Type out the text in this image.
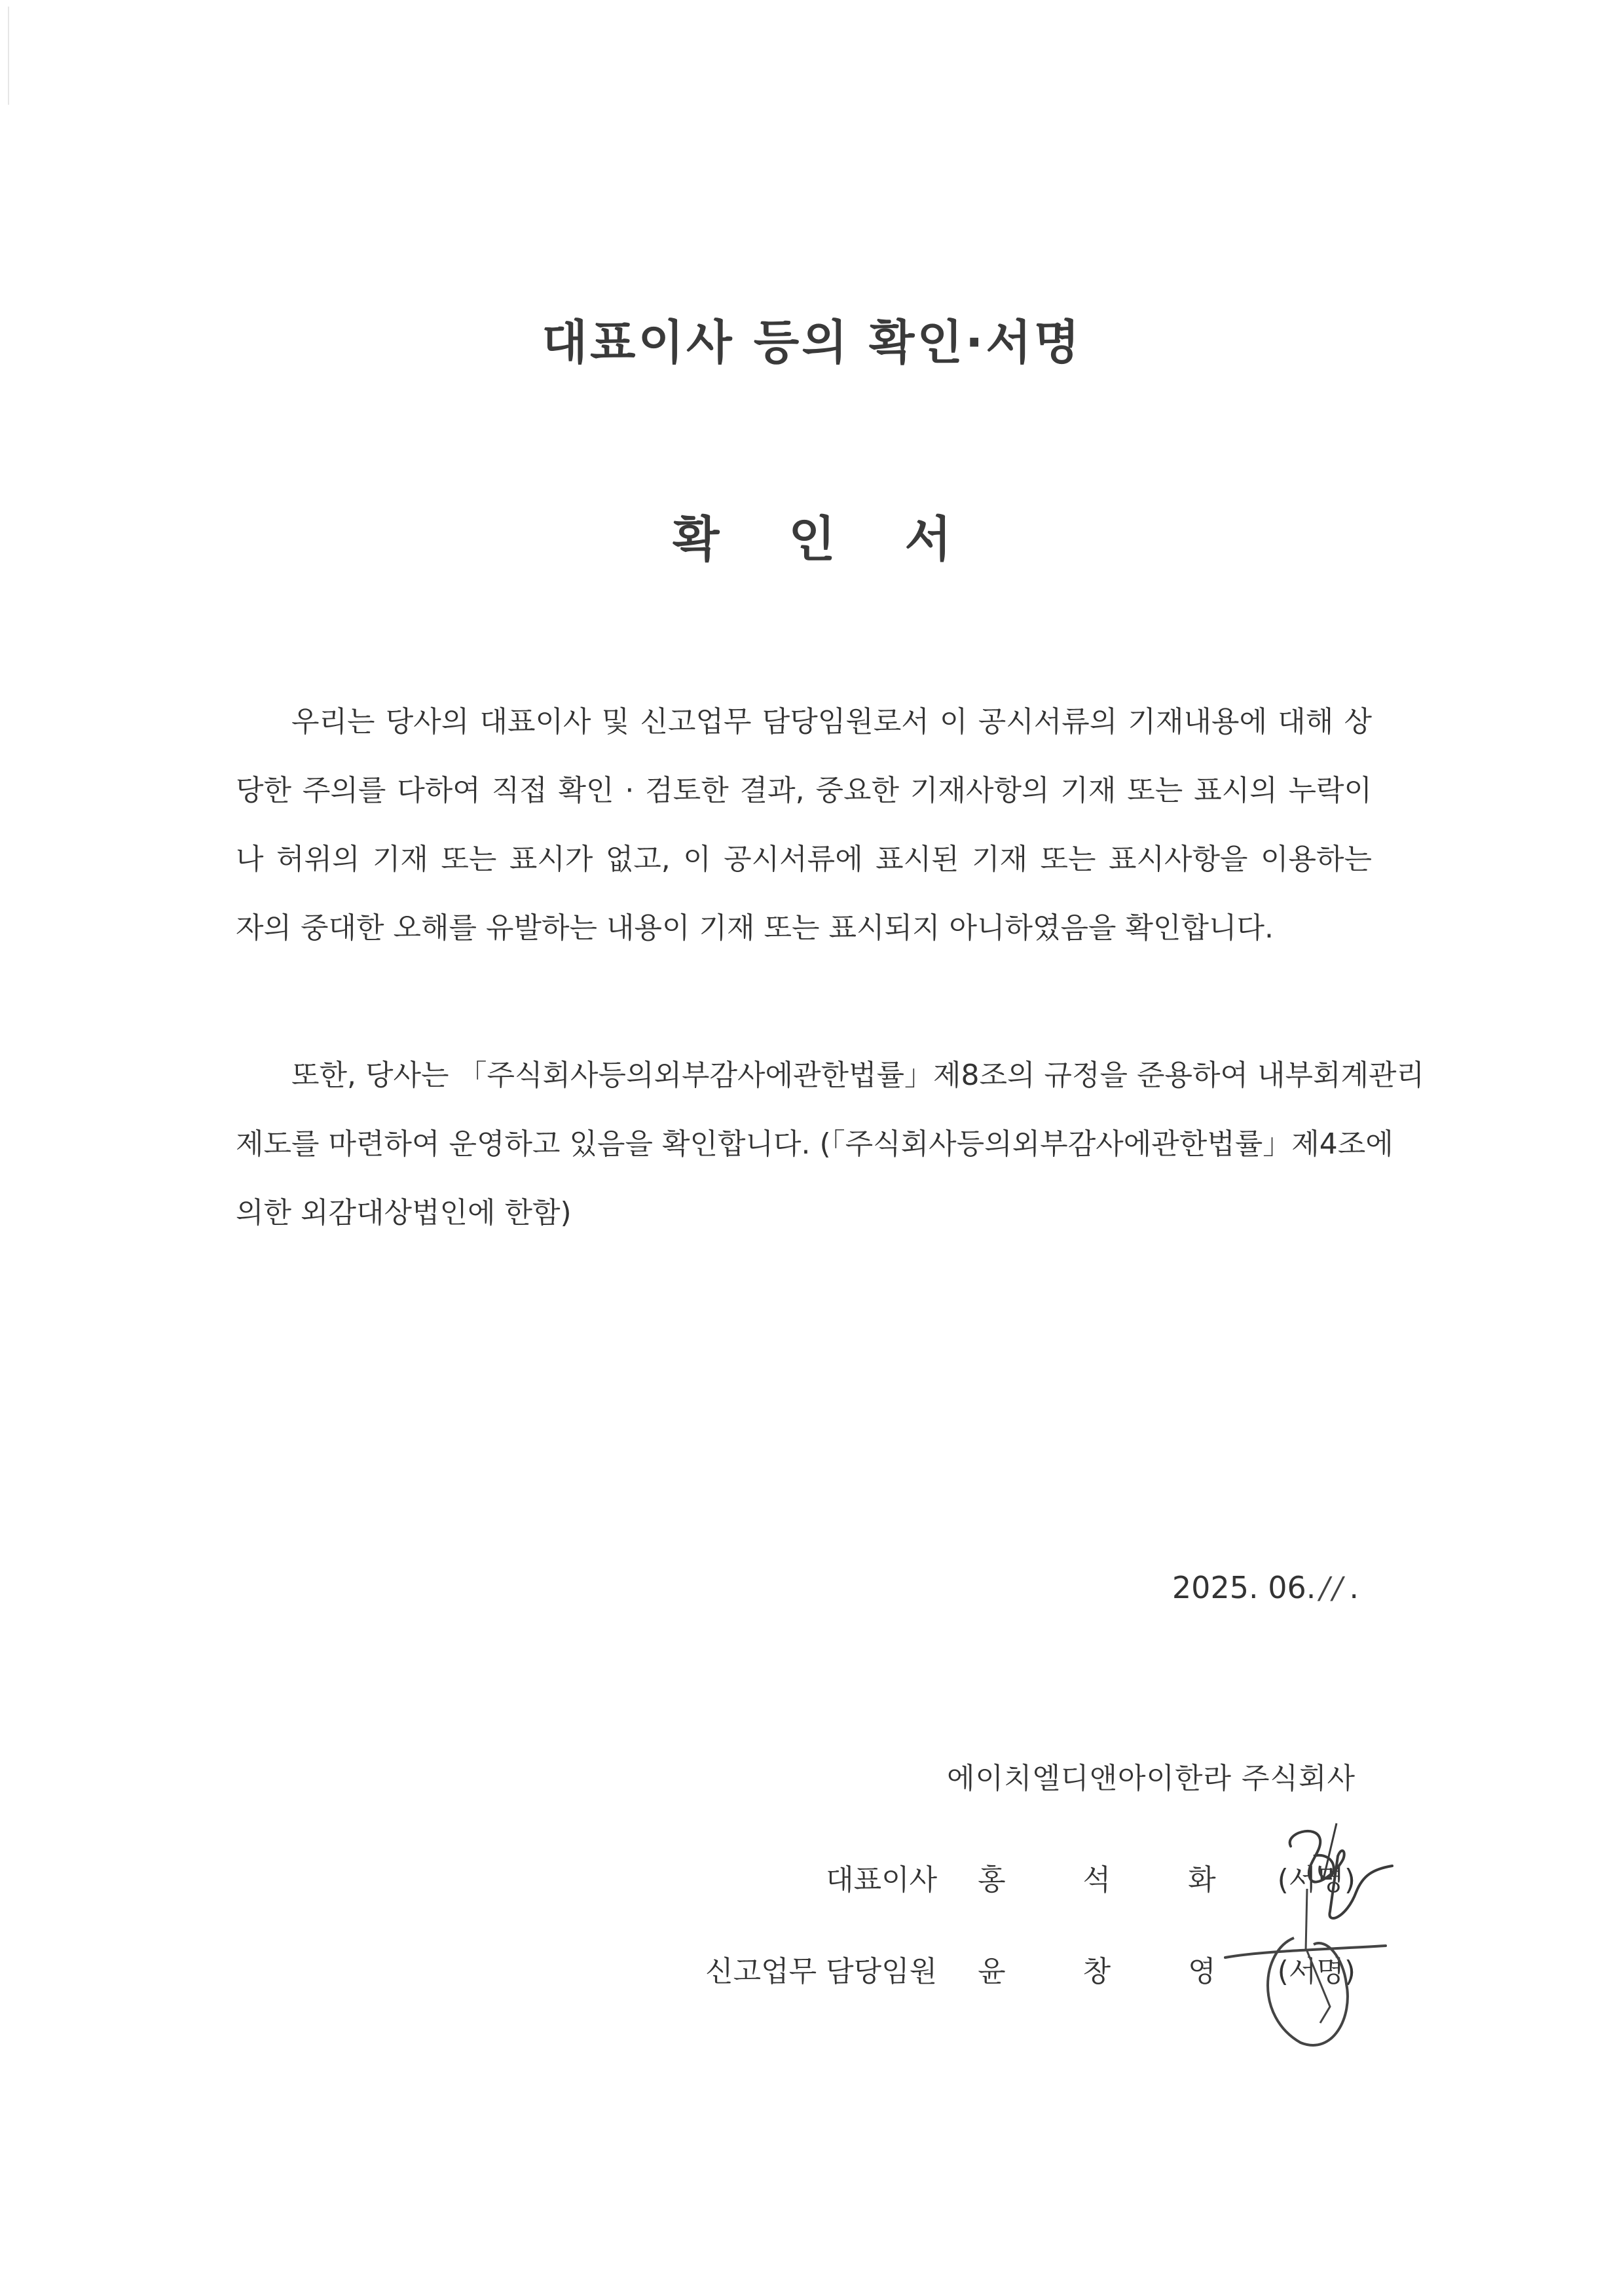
대표이사 등의 확인·서명
확 인 서
우리는 당사의 대표이사 및 신고업무 담당임원로서 이 공시서류의 기재내용에 대해 상
당한 주의를 다하여 직접 확인 · 검토한 결과, 중요한 기재사항의 기재 또는 표시의 누락이
나 허위의 기재 또는 표시가 없고, 이 공시서류에 표시된 기재 또는 표시사항을 이용하는
자의 중대한 오해를 유발하는 내용이 기재 또는 표시되지 아니하였음을 확인합니다.
또한, 당사는 「주식회사등의외부감사에관한법률」제8조의 규정을 준용하여 내부회계관리
제도를 마련하여 운영하고 있음을 확인합니다. (「주식회사등의외부감사에관한법률」제4조에
의한 외감대상법인에 한함)
2025. 06. // .
에이치엘디앤아이한라 주식회사
대표이사 홍 석 화 (서명)
신고업무 담당임원 윤 창 영 (서명)
